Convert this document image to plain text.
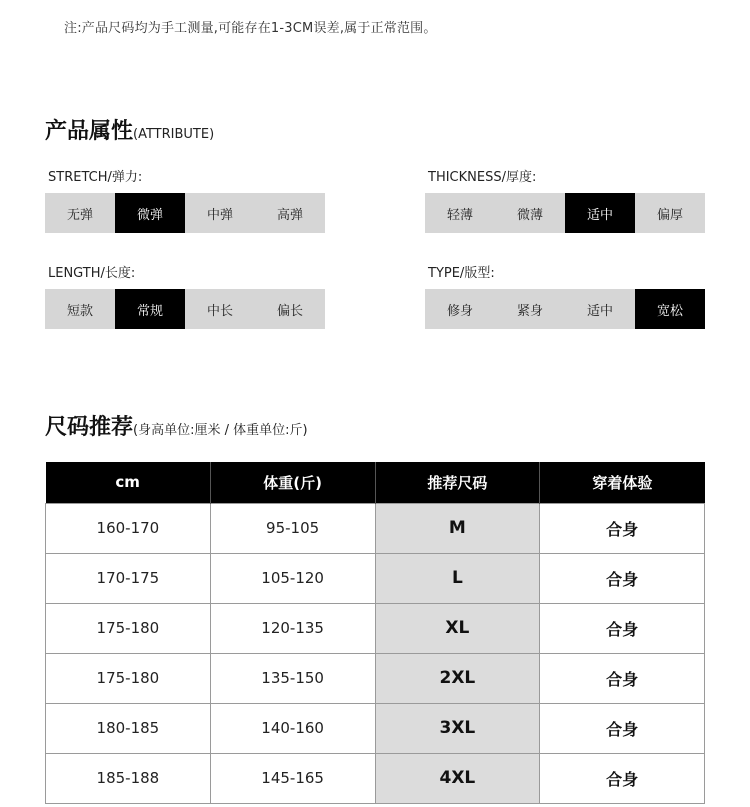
注:产品尺码均为手工测量,可能存在1-3CM误差,属于正常范围。
产品属性(ATTRIBUTE)
STRETCH/弹力:
无弹	微弹	中弹	高弹
THICKNESS/厚度:
轻薄	微薄	适中	偏厚
LENGTH/长度:
短款	常规	中长	偏长
TYPE/版型:
修身	紧身	适中	宽松
尺码推荐(身高单位:厘米 / 体重单位:斤)
cm	体重(斤)	推荐尺码	穿着体验
160-170	95-105	M	合身
170-175	105-120	L	合身
175-180	120-135	XL	合身
175-180	135-150	2XL	合身
180-185	140-160	3XL	合身
185-188	145-165	4XL	合身
